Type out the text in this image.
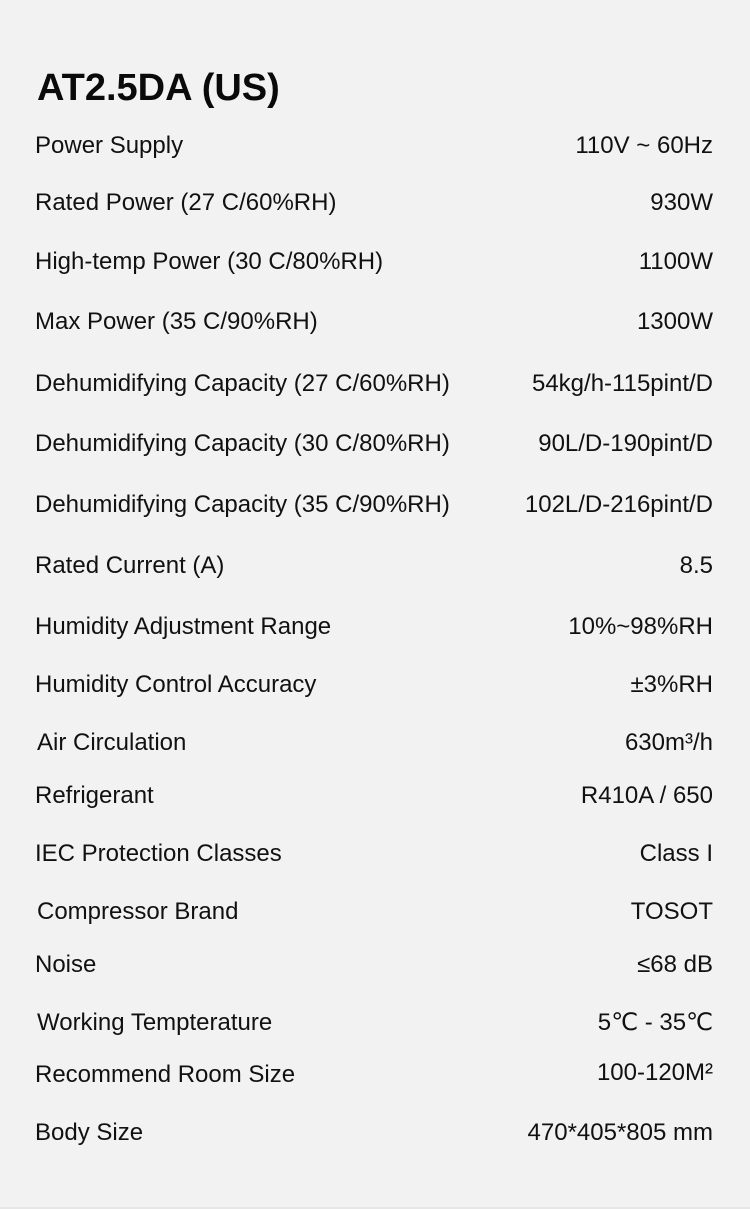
AT2.5DA (US)
Power Supply	110V ~ 60Hz
Rated Power (27 C/60%RH)	930W
High-temp Power (30 C/80%RH)	1100W
Max Power (35 C/90%RH)	1300W
Dehumidifying Capacity (27 C/60%RH)	54kg/h-115pint/D
Dehumidifying Capacity (30 C/80%RH)	90L/D-190pint/D
Dehumidifying Capacity (35 C/90%RH)	102L/D-216pint/D
Rated Current (A)	8.5
Humidity Adjustment Range	10%~98%RH
Humidity Control Accuracy	±3%RH
Air Circulation	630m³/h
Refrigerant	R410A / 650
IEC Protection Classes	Class I
Compressor Brand	TOSOT
Noise	≤68 dB
Working Tempterature	5℃ - 35℃
Recommend Room Size	100-120M²
Body Size	470*405*805 mm
